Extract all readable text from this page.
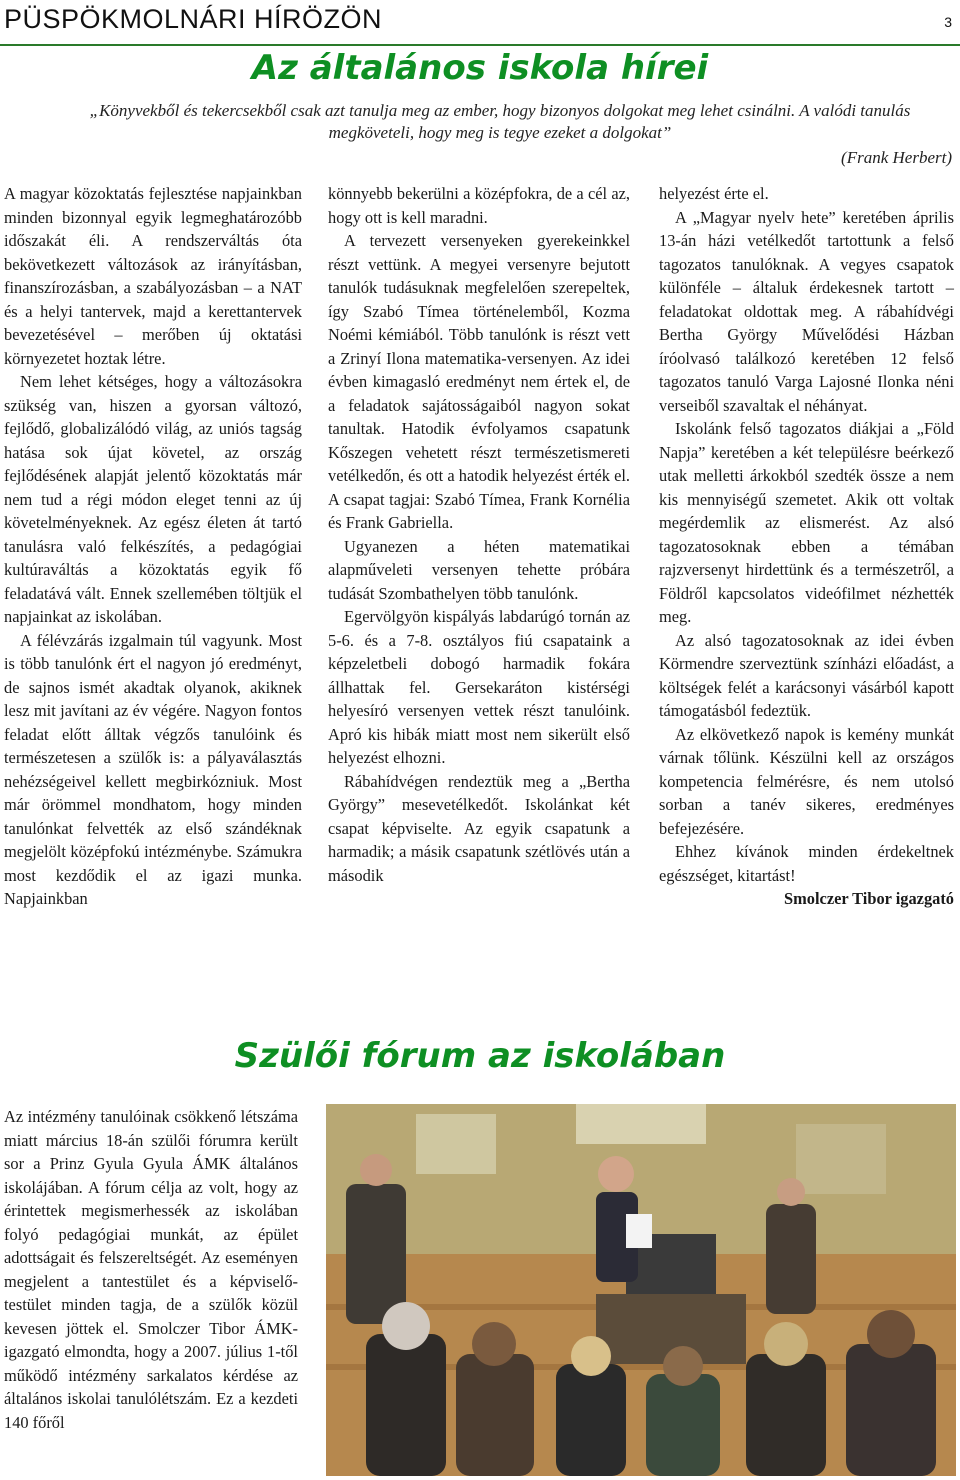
PÜSPÖKMOLNÁRI HÍRÖZÖN	3
Az általános iskola hírei
„Könyvekből és tekercsekből csak azt tanulja meg az ember, hogy bizonyos dolgokat meg lehet csinálni. A valódi tanulás megköveteli, hogy meg is tegye ezeket a dolgokat”
(Frank Herbert)

A magyar közoktatás fejlesztése napjainkban minden bizonnyal egyik legmeghatározóbb időszakát éli. A rendszerváltás óta bekövetkezett változások az irányításban, finanszírozásban, a szabályozásban – a NAT és a helyi tantervek, majd a kerettantervek bevezetésével – merőben új oktatási környezetet hoztak létre.

Nem lehet kétséges, hogy a változásokra szükség van, hiszen a gyorsan változó, fejlődő, globalizálódó világ, az uniós tagság hatása sok újat követel, az ország fejlődésének alapját jelentő közoktatás már nem tud a régi módon eleget tenni az új követelményeknek. Az egész életen át tartó tanulásra való felkészítés, a pedagógiai kultúraváltás a közoktatás egyik fő feladatává vált. Ennek szellemében töltjük el napjainkat az iskolában.

A félévzárás izgalmain túl vagyunk. Most is több tanulónk ért el nagyon jó eredményt, de sajnos ismét akadtak olyanok, akiknek lesz mit javítani az év végére. Nagyon fontos feladat előtt álltak végzős tanulóink és természetesen a szülők is: a pályaválasztás nehézségeivel kellett megbirkózniuk. Most már örömmel mondhatom, hogy minden tanulónkat felvették az első szándéknak megjelölt középfokú intézménybe. Számukra most kezdődik el az igazi munka. Napjainkban

könnyebb bekerülni a középfokra, de a cél az, hogy ott is kell maradni.

A tervezett versenyeken gyerekeinkkel részt vettünk. A megyei versenyre bejutott tanulók tudásuknak megfelelően szerepeltek, így Szabó Tímea történelemből, Kozma Noémi kémiából. Több tanulónk is részt vett a Zrinyí Ilona matematika-versenyen. Az idei évben kimagasló eredményt nem értek el, de a feladatok sajátosságaiból nagyon sokat tanultak. Hatodik évfolyamos csapatunk Kőszegen vehetett részt természetismereti vetélkedőn, és ott a hatodik helyezést érték el. A csapat tagjai: Szabó Tímea, Frank Kornélia és Frank Gabriella.

Ugyanezen a héten matematikai alapműveleti versenyen tehette próbára tudását Szombathelyen több tanulónk.

Egervölgyön kispályás labdarúgó tornán az 5-6. és a 7-8. osztályos fiú csapataink a képzeletbeli dobogó harmadik fokára állhattak fel. Gersekaráton kistérségi helyesíró versenyen vettek részt tanulóink. Apró kis hibák miatt most nem sikerült első helyezést elhozni.

Rábahídvégen rendeztük meg a „Bertha György” mesevetélkedőt. Iskolánkat két csapat képviselte. Az egyik csapatunk a harmadik; a másik csapatunk szétlövés után a második

helyezést érte el.

A „Magyar nyelv hete” keretében április 13-án házi vetélkedőt tartottunk a felső tagozatos tanulóknak. A vegyes csapatok különféle – általuk érdekesnek tartott – feladatokat oldottak meg. A rábahídvégi Bertha György Művelődési Házban íróolvasó találkozó keretében 12 felső tagozatos tanuló Varga Lajosné Ilonka néni verseiből szavaltak el néhányat.

Iskolánk felső tagozatos diákjai a „Föld Napja” keretében a két településre beérkező utak melletti árkokból szedték össze a nem kis mennyiségű szemetet. Akik ott voltak megérdemlik az elismerést. Az alsó tagozatosoknak ebben a témában rajzversenyt hirdettünk és a természetről, a Földről kapcsolatos videófilmet nézhették meg.

Az alsó tagozatosoknak az idei évben Körmendre szerveztünk színházi előadást, a költségek felét a karácsonyi vásárból kapott támogatásból fedeztük.

Az elkövetkező napok is kemény munkát várnak tőlünk. Készülni kell az országos kompetencia felmérésre, és nem utolsó sorban a tanév sikeres, eredményes befejezésére.

Ehhez kívánok minden érdekeltnek egészséget, kitartást!

Smolczer Tibor igazgató

Szülői fórum az iskolában

Az intézmény tanulóinak csökkenő létszáma miatt március 18-án szülői fórumra került sor a Prinz Gyula Gyula ÁMK általános iskolájában. A fórum célja az volt, hogy az érintettek megismerhessék az iskolában folyó pedagógiai munkát, az épület adottságait és felszereltségét. Az eseményen megjelent a tantestület és a képviselő-testület minden tagja, de a szülők közül kevesen jöttek el. Smolczer Tibor ÁMK-igazgató elmondta, hogy a 2007. július 1-től működő intézmény sarkalatos kérdése az általános iskolai tanulólétszám. Ez a kezdeti 140 főről
